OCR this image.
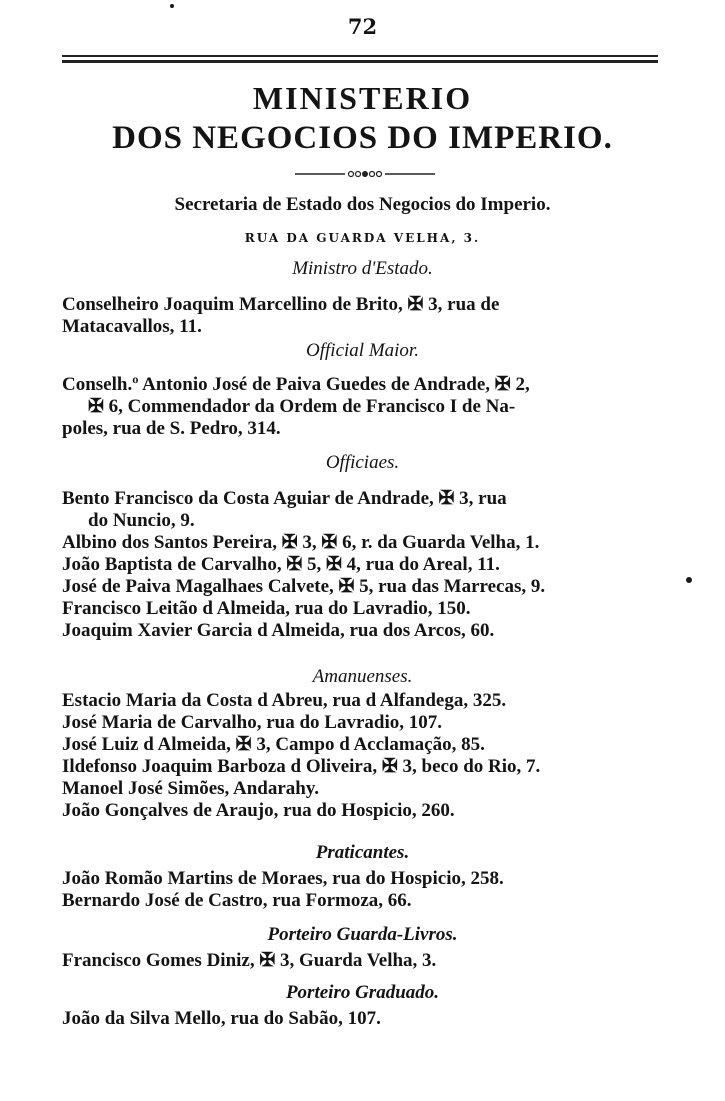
72
MINISTERIO
DOS NEGOCIOS DO IMPERIO.
Secretaria de Estado dos Negocios do Imperio.
RUA DA GUARDA VELHA, 3.
Ministro d'Estado.
Conselheiro Joaquim Marcellino de Brito, ✠ 3, rua de
Matacavallos, 11.
Official Maior.
Conselh.º Antonio José de Paiva Guedes de Andrade, ✠ 2,

✠ 6, Commendador da Ordem de Francisco I de Na-
poles, rua de S. Pedro, 314.
Officiaes.
Bento Francisco da Costa Aguiar de Andrade, ✠ 3, rua

do Nuncio, 9.
Albino dos Santos Pereira, ✠ 3, ✠ 6, r. da Guarda Velha, 1.
João Baptista de Carvalho, ✠ 5, ✠ 4, rua do Areal, 11.
José de Paiva Magalhaes Calvete, ✠ 5, rua das Marrecas, 9.
Francisco Leitão d Almeida, rua do Lavradio, 150.
Joaquim Xavier Garcia d Almeida, rua dos Arcos, 60.
Amanuenses.
Estacio Maria da Costa d Abreu, rua d Alfandega, 325.
José Maria de Carvalho, rua do Lavradio, 107.
José Luiz d Almeida, ✠ 3, Campo d Acclamação, 85.
Ildefonso Joaquim Barboza d Oliveira, ✠ 3, beco do Rio, 7.
Manoel José Simões, Andarahy.
João Gonçalves de Araujo, rua do Hospicio, 260.
Praticantes.
João Romão Martins de Moraes, rua do Hospicio, 258.
Bernardo José de Castro, rua Formoza, 66.
Porteiro Guarda-Livros.
Francisco Gomes Diniz, ✠ 3, Guarda Velha, 3.
Porteiro Graduado.
João da Silva Mello, rua do Sabão, 107.
